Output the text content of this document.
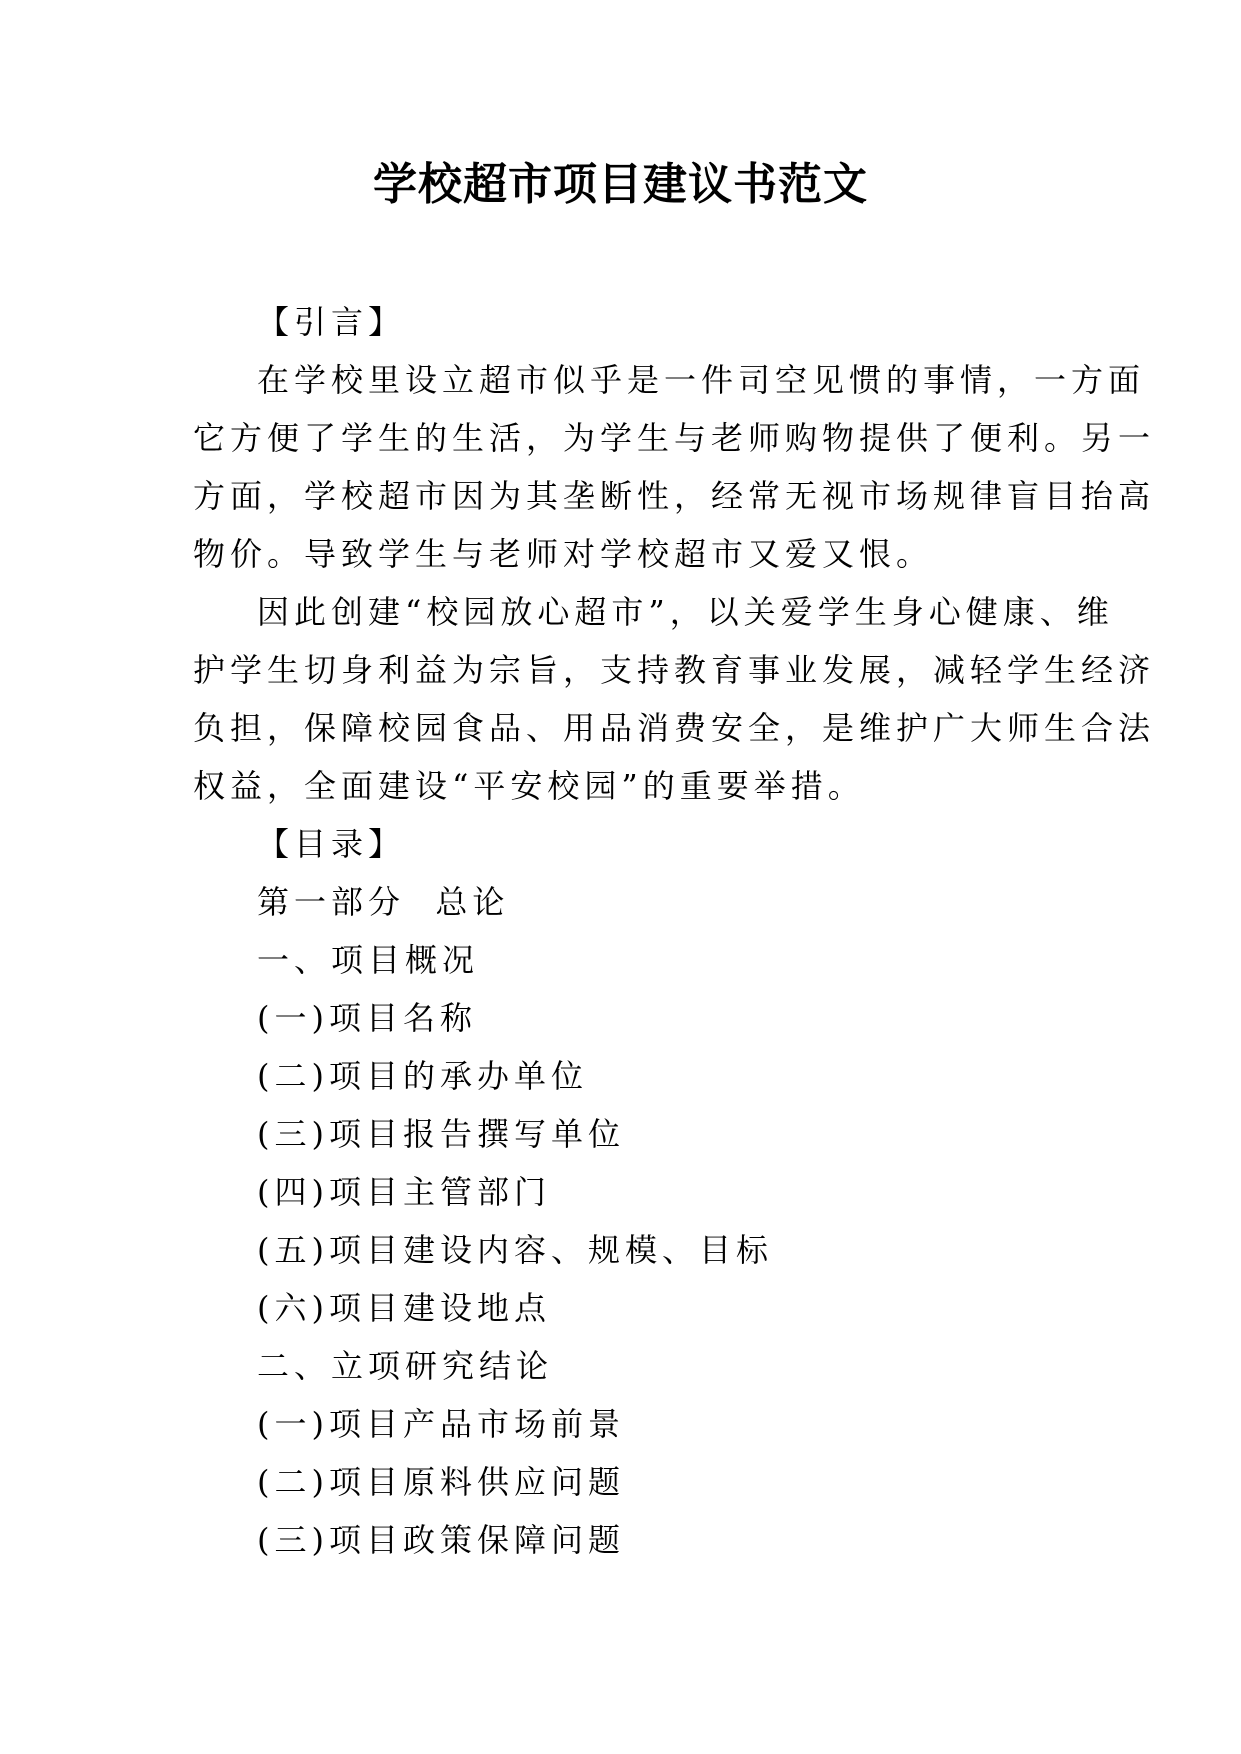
学校超市项目建议书范文
【引言】
在学校里设立超市似乎是一件司空见惯的事情，一方面
它方便了学生的生活，为学生与老师购物提供了便利。另一
方面，学校超市因为其垄断性，经常无视市场规律盲目抬高
物价。导致学生与老师对学校超市又爱又恨。
因此创建“校园放心超市”，以关爱学生身心健康、维
护学生切身利益为宗旨，支持教育事业发展，减轻学生经济
负担，保障校园食品、用品消费安全，是维护广大师生合法
权益，全面建设“平安校园”的重要举措。
【目录】
第一部分  总论
一、项目概况
(一)项目名称
(二)项目的承办单位
(三)项目报告撰写单位
(四)项目主管部门
(五)项目建设内容、规模、目标
(六)项目建设地点
二、立项研究结论
(一)项目产品市场前景
(二)项目原料供应问题
(三)项目政策保障问题
